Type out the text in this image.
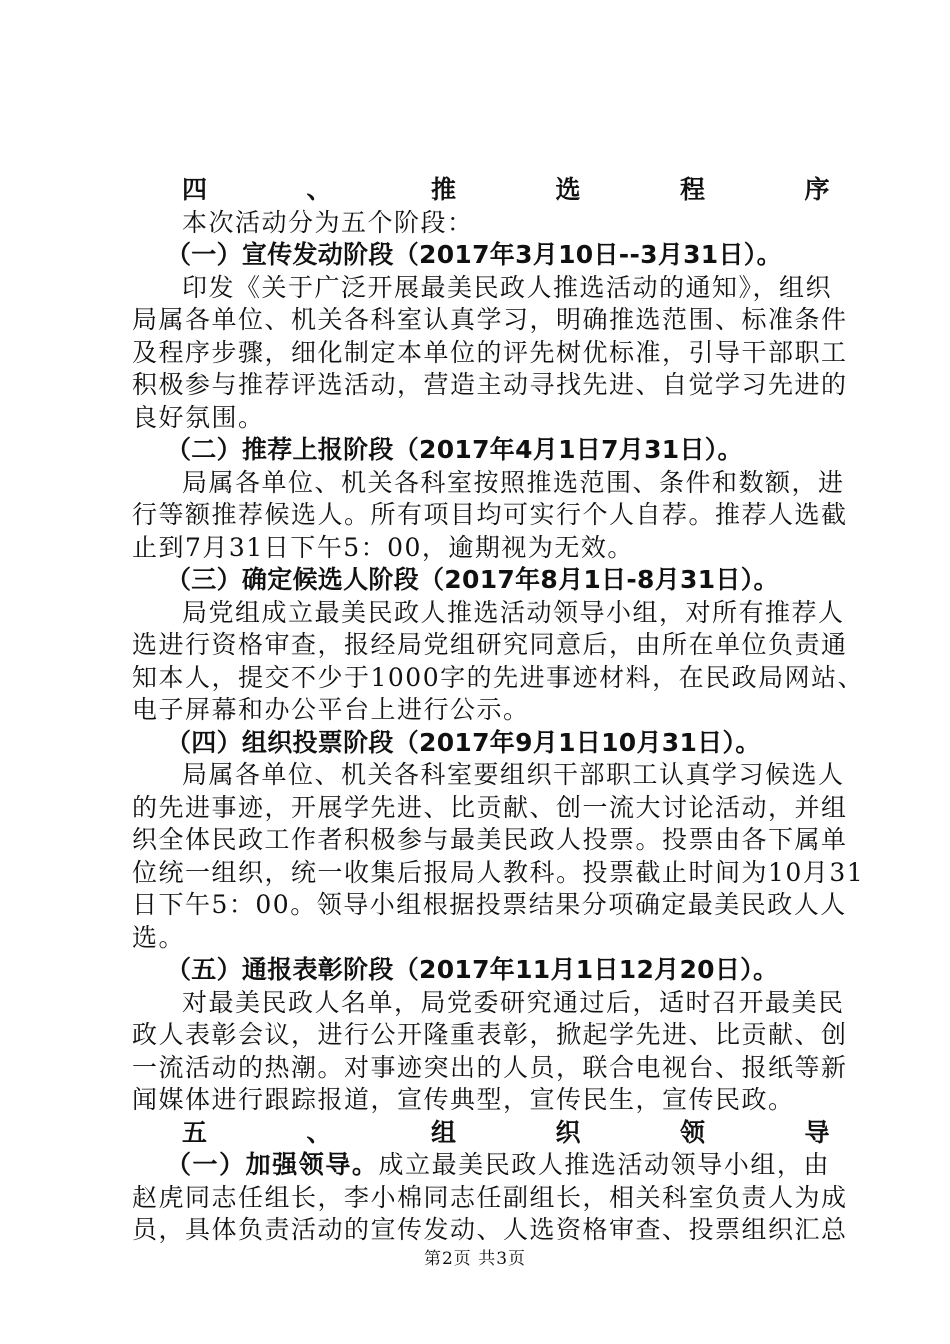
四、推选程序
本次活动分为五个阶段：
（一）宣传发动阶段（2017年3月10日--3月31日）。
印发《关于广泛开展最美民政人推选活动的通知》，组织
局属各单位、机关各科室认真学习，明确推选范围、标准条件
及程序步骤，细化制定本单位的评先树优标准，引导干部职工
积极参与推荐评选活动，营造主动寻找先进、自觉学习先进的
良好氛围。
（二）推荐上报阶段（2017年4月1日7月31日）。
局属各单位、机关各科室按照推选范围、条件和数额，进
行等额推荐候选人。所有项目均可实行个人自荐。推荐人选截
止到7月31日下午5：00，逾期视为无效。
（三）确定候选人阶段（2017年8月1日-8月31日）。
局党组成立最美民政人推选活动领导小组，对所有推荐人
选进行资格审查，报经局党组研究同意后，由所在单位负责通
知本人，提交不少于1000字的先进事迹材料，在民政局网站、
电子屏幕和办公平台上进行公示。
（四）组织投票阶段（2017年9月1日10月31日）。
局属各单位、机关各科室要组织干部职工认真学习候选人
的先进事迹，开展学先进、比贡献、创一流大讨论活动，并组
织全体民政工作者积极参与最美民政人投票。投票由各下属单
位统一组织，统一收集后报局人教科。投票截止时间为10月31
日下午5：00。领导小组根据投票结果分项确定最美民政人人
选。
（五）通报表彰阶段（2017年11月1日12月20日）。
对最美民政人名单，局党委研究通过后，适时召开最美民
政人表彰会议，进行公开隆重表彰，掀起学先进、比贡献、创
一流活动的热潮。对事迹突出的人员，联合电视台、报纸等新
闻媒体进行跟踪报道，宣传典型，宣传民生，宣传民政。
五、组织领导
（一）加强领导。成立最美民政人推选活动领导小组，由
赵虎同志任组长，李小棉同志任副组长，相关科室负责人为成
员，具体负责活动的宣传发动、人选资格审查、投票组织汇总
第2页 共3页
